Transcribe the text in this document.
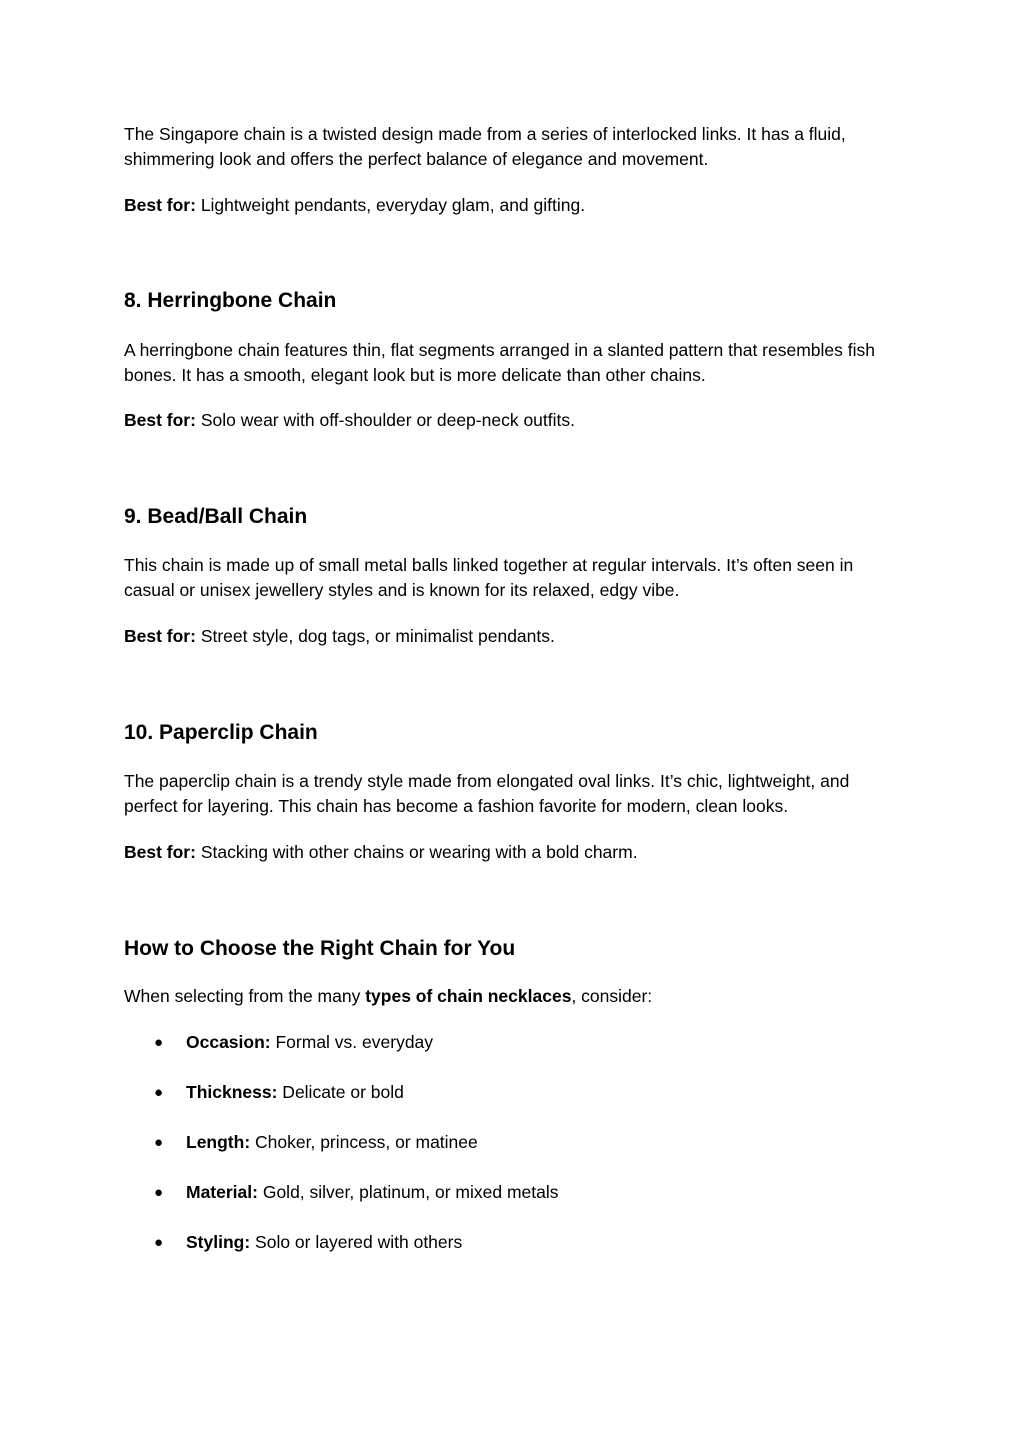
The Singapore chain is a twisted design made from a series of interlocked links. It has a fluid, shimmering look and offers the perfect balance of elegance and movement.

Best for: Lightweight pendants, everyday glam, and gifting.

8. Herringbone Chain

A herringbone chain features thin, flat segments arranged in a slanted pattern that resembles fish bones. It has a smooth, elegant look but is more delicate than other chains.

Best for: Solo wear with off-shoulder or deep-neck outfits.

9. Bead/Ball Chain

This chain is made up of small metal balls linked together at regular intervals. It’s often seen in casual or unisex jewellery styles and is known for its relaxed, edgy vibe.

Best for: Street style, dog tags, or minimalist pendants.

10. Paperclip Chain

The paperclip chain is a trendy style made from elongated oval links. It’s chic, lightweight, and perfect for layering. This chain has become a fashion favorite for modern, clean looks.

Best for: Stacking with other chains or wearing with a bold charm.

How to Choose the Right Chain for You

When selecting from the many types of chain necklaces, consider:

● Occasion: Formal vs. everyday
● Thickness: Delicate or bold
● Length: Choker, princess, or matinee
● Material: Gold, silver, platinum, or mixed metals
● Styling: Solo or layered with others
